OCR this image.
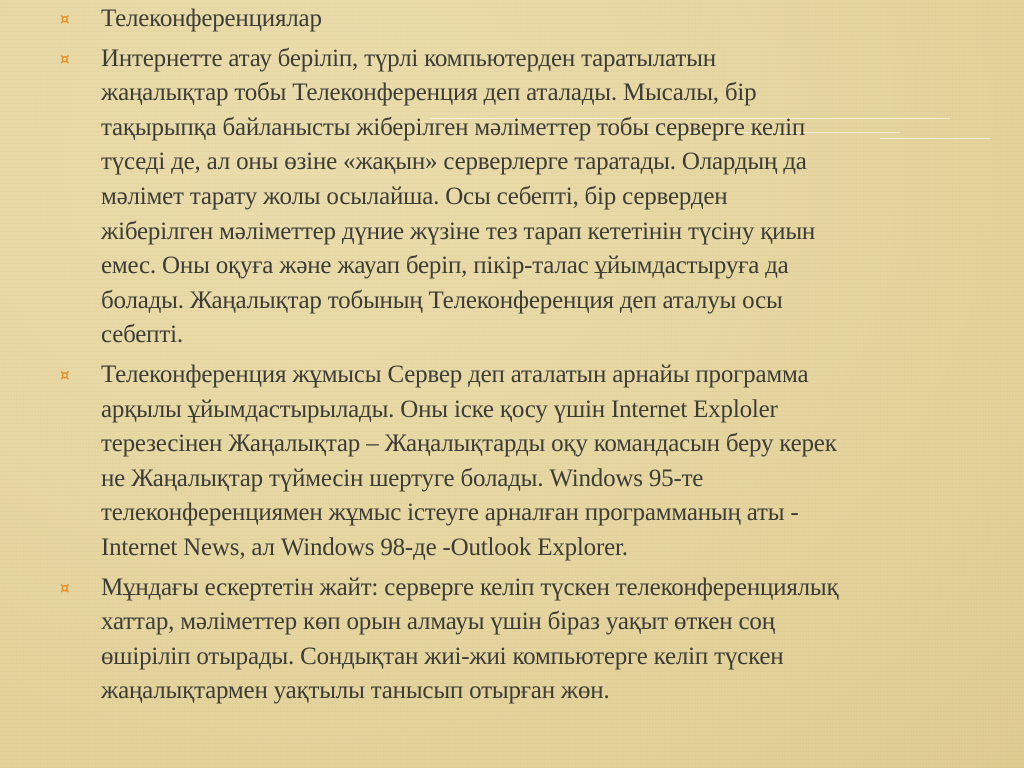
¤	Телеконференциялар
¤	Интернетте атау беріліп, түрлі компьютерден таратылатын
жаңалықтар тобы Телеконференция деп аталады. Мысалы, бір
тақырыпқа байланысты жіберілген мәліметтер тобы серверге келіп
түседі де, ал оны өзіне «жақын» серверлерге таратады. Олардың да
мәлімет тарату жолы осылайша. Осы себепті, бір серверден
жіберілген мәліметтер дүние жүзіне тез тарап кететінін түсіну қиын
емес. Оны оқуға және жауап беріп, пікір-талас ұйымдастыруға да
болады. Жаңалықтар тобының Телеконференция деп аталуы осы
себепті.
¤	Телеконференция жұмысы Сервер деп аталатын арнайы программа
арқылы ұйымдастырылады. Оны іске қосу үшін Internet Exploler
терезесінен Жаңалықтар – Жаңалықтарды оқу командасын беру керек
не Жаңалықтар түймесін шертуге болады. Windows 95-те
телеконференциямен жұмыс істеуге арналған программаның аты -
Internet News, ал Windows 98-де -Outlook Explorer.
¤	Мұндағы ескертетін жайт: серверге келіп түскен телеконференциялық
хаттар, мәліметтер көп орын алмауы үшін біраз уақыт өткен соң
өшіріліп отырады. Сондықтан жиі-жиі компьютерге келіп түскен
жаңалықтармен уақтылы танысып отырған жөн.
